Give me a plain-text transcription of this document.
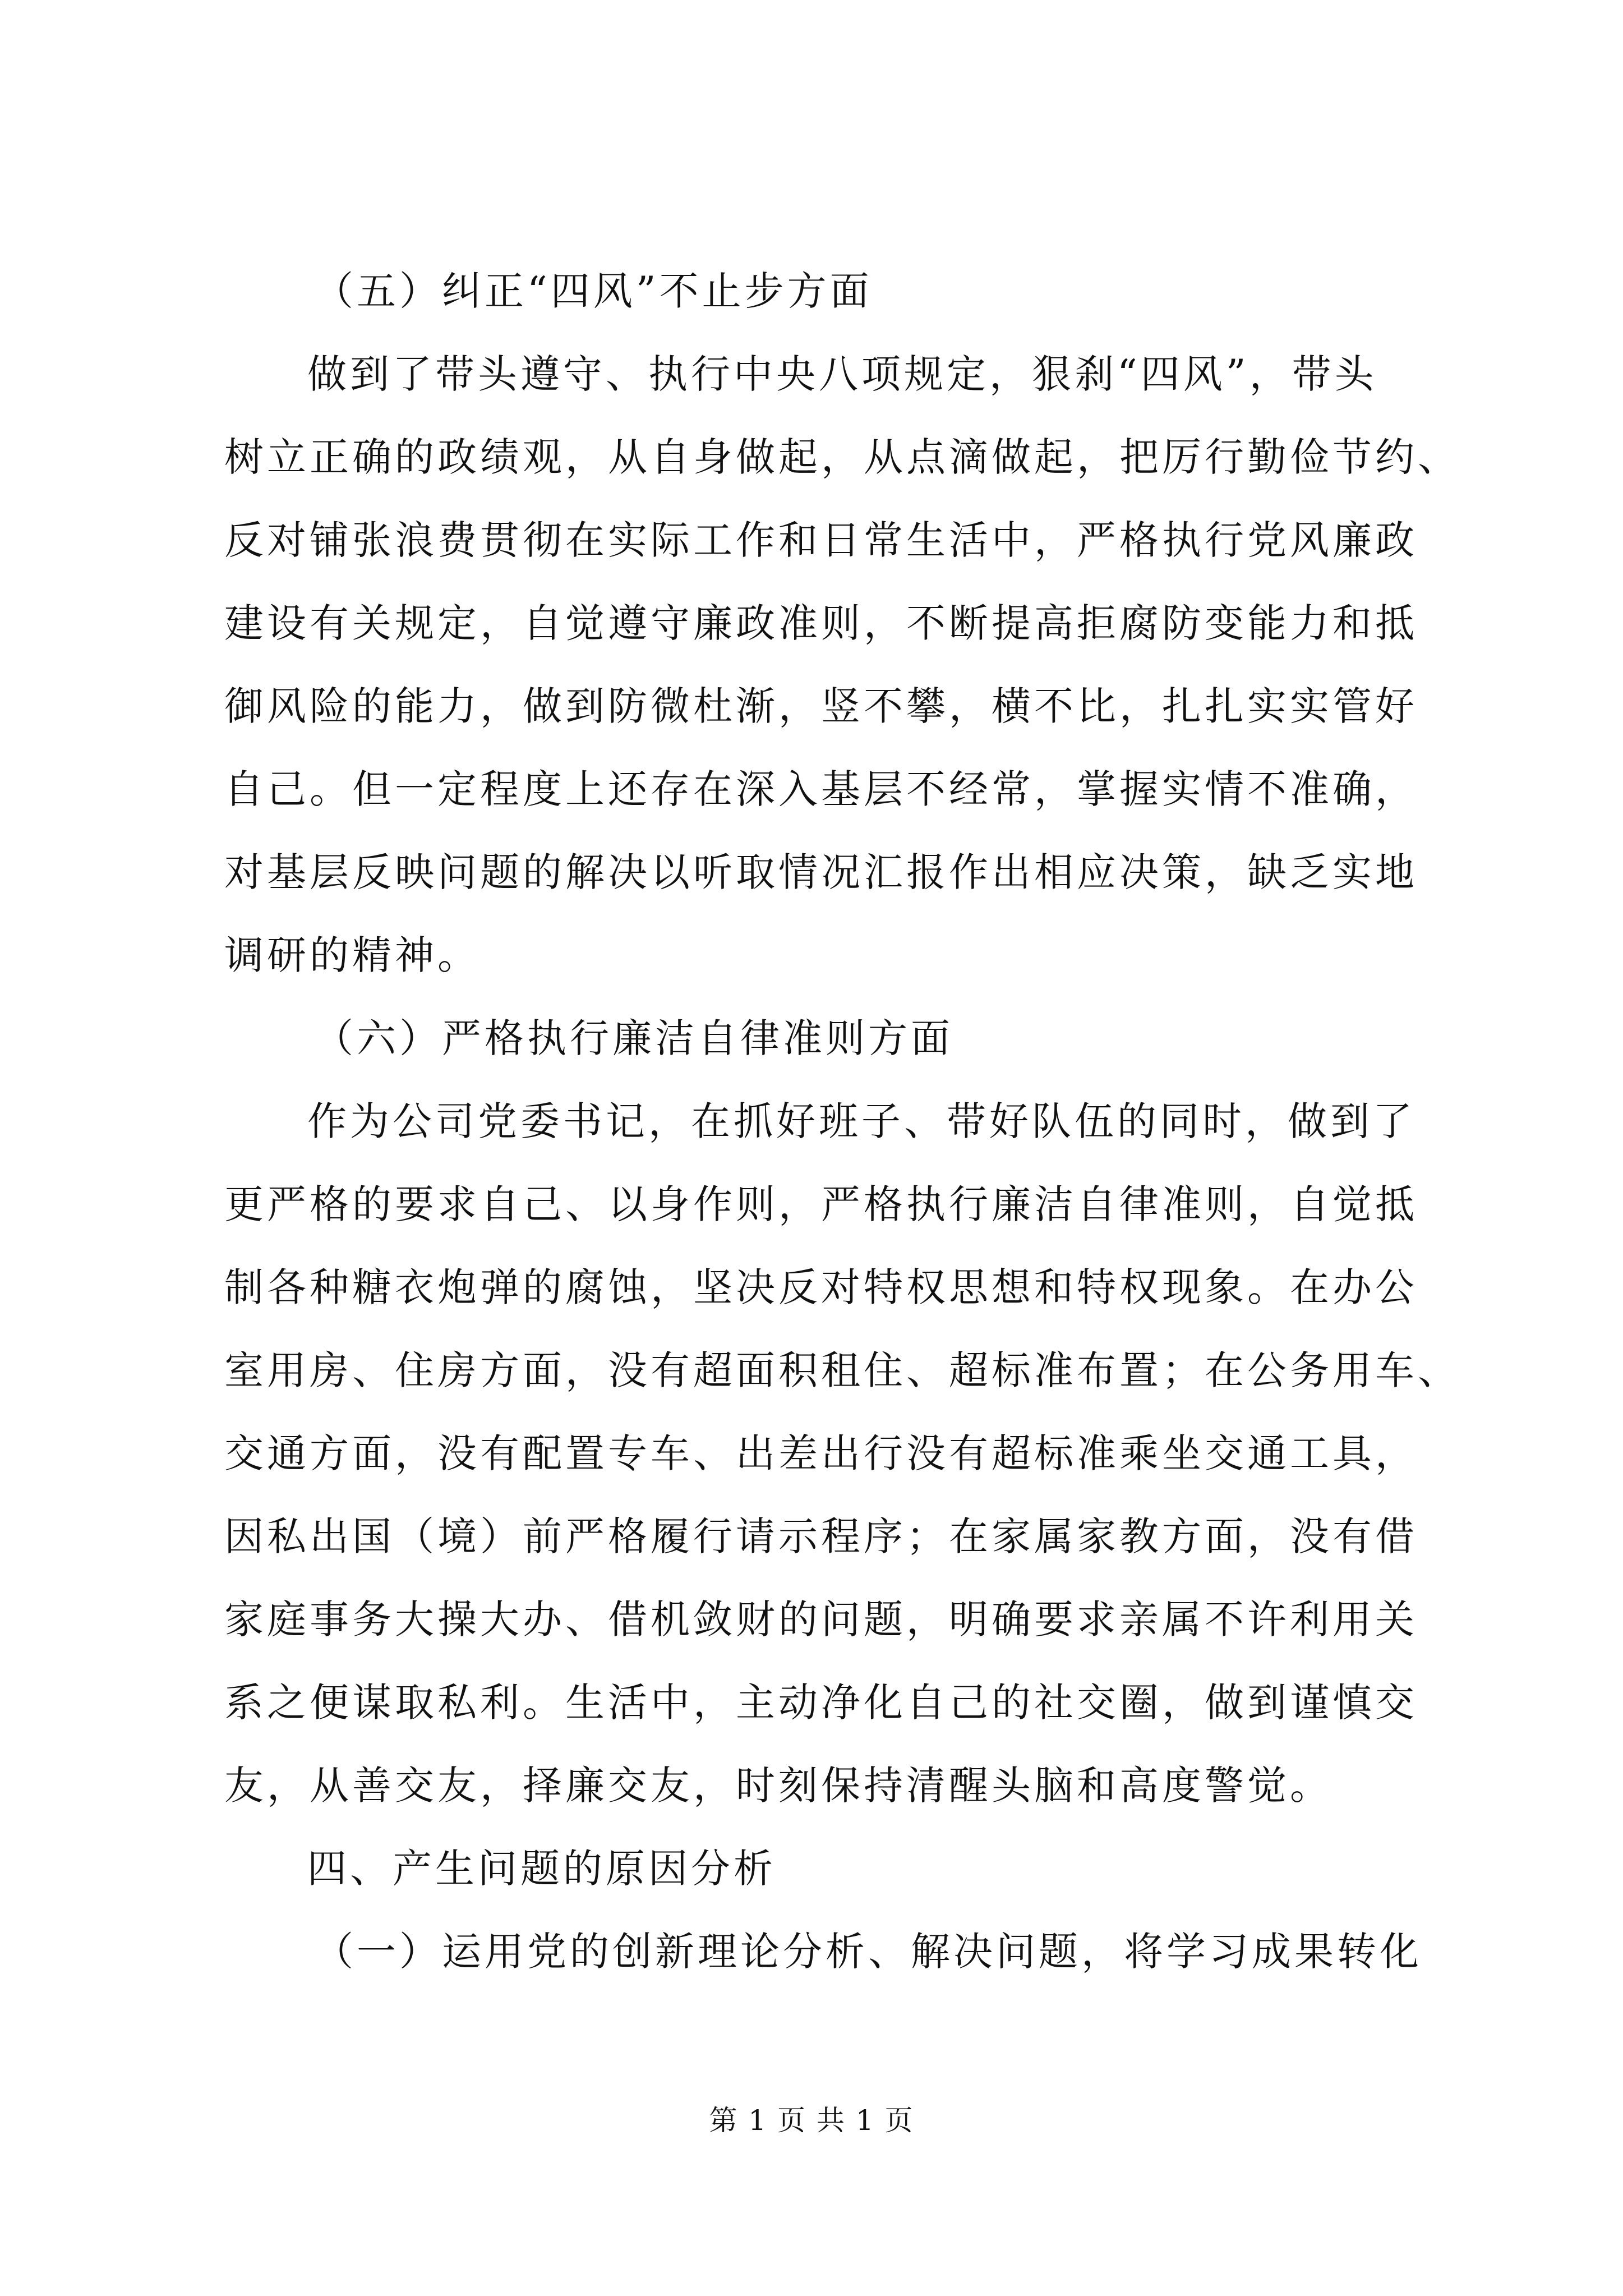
（五）纠正“四风”不止步方面
做到了带头遵守、执行中央八项规定，狠刹“四风”，带头
树立正确的政绩观，从自身做起，从点滴做起，把厉行勤俭节约、
反对铺张浪费贯彻在实际工作和日常生活中，严格执行党风廉政
建设有关规定，自觉遵守廉政准则，不断提高拒腐防变能力和抵
御风险的能力，做到防微杜渐，竖不攀，横不比，扎扎实实管好
自己。但一定程度上还存在深入基层不经常，掌握实情不准确，
对基层反映问题的解决以听取情况汇报作出相应决策，缺乏实地
调研的精神。
（六）严格执行廉洁自律准则方面
作为公司党委书记，在抓好班子、带好队伍的同时，做到了
更严格的要求自己、以身作则，严格执行廉洁自律准则，自觉抵
制各种糖衣炮弹的腐蚀，坚决反对特权思想和特权现象。在办公
室用房、住房方面，没有超面积租住、超标准布置；在公务用车、
交通方面，没有配置专车、出差出行没有超标准乘坐交通工具，
因私出国（境）前严格履行请示程序；在家属家教方面，没有借
家庭事务大操大办、借机敛财的问题，明确要求亲属不许利用关
系之便谋取私利。生活中，主动净化自己的社交圈，做到谨慎交
友，从善交友，择廉交友，时刻保持清醒头脑和高度警觉。
四、产生问题的原因分析
（一）运用党的创新理论分析、解决问题，将学习成果转化
第 1 页 共 1 页
